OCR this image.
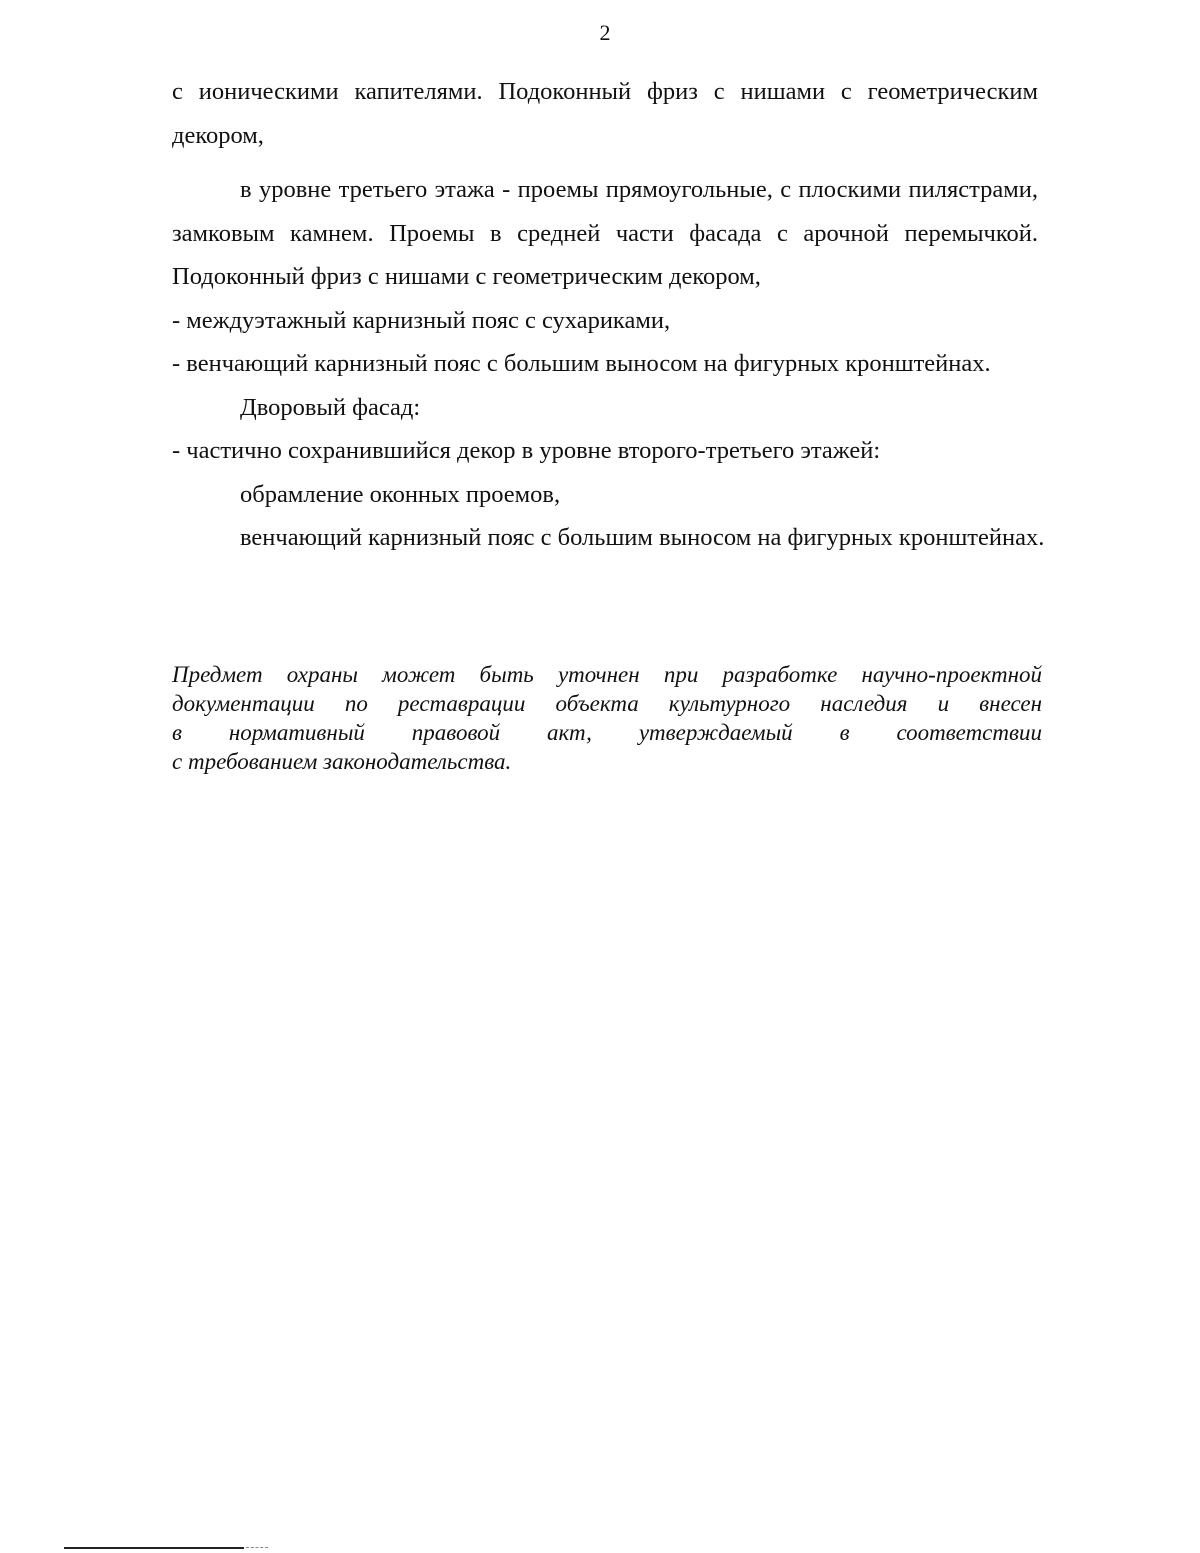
2

с ионическими капителями. Подоконный фриз с нишами с геометрическим декором,

в уровне третьего этажа - проемы прямоугольные, с плоскими пилястрами, замковым камнем. Проемы в средней части фасада с арочной перемычкой. Подоконный фриз с нишами с геометрическим декором,

- междуэтажный карнизный пояс с сухариками,

- венчающий карнизный пояс с большим выносом на фигурных кронштейнах.

Дворовый фасад:

- частично сохранившийся декор в уровне второго-третьего этажей:

обрамление оконных проемов,

венчающий карнизный пояс с большим выносом на фигурных кронштейнах.

Предмет охраны может быть уточнен при разработке научно-проектной
документации по реставрации объекта культурного наследия и внесен
в нормативный правовой акт, утверждаемый в соответствии
с требованием законодательства.
